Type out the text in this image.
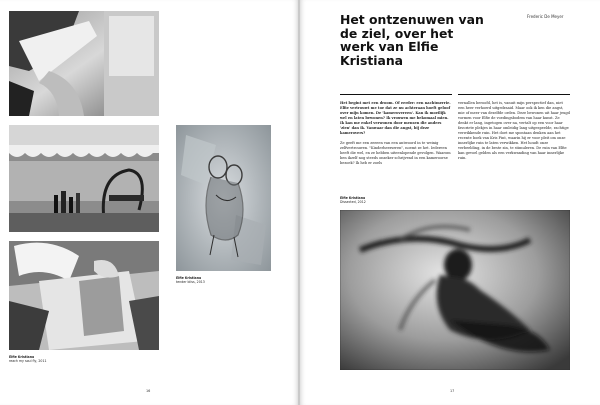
Elfie Kristiana
tender bliss, 2013
Elfie Kristiana
reach my soul fly, 2011
16
Frederic De Meyer
Het ontzenuwen van de ziel, over het werk van Elfie Kristiana

Het begint met een droom. Of eerder: een nachtmerrie. Elfie vertrouwt me toe dat ze nu achteraan hoeft geloof over mijn komen. De 'kamerovereen'. Kan ik moeilijk wel en laten bewonen? Ik vrouwen me bekomaal mien. Ik kan me enkel verwonen door mensen die anders 'zien' dan ik. Vanwaar dan die angst, bij deze kamerovers?

Ze geeft me een zeeeen van een antwoord in te weinig zelfvertrouwen. "Kinderheerseren", noemt ze het. Iedereen heeft die wel, en ze hebben uiteenlopende gevolgen. Waarom ben ikzelf nog steeds onzeker schrijvend in een kameroorse bezoek? Ik heb er zoels

vernallen beroofd, het is, vanuit mijn perspectief dan, niet een heer verhoerd uitgedraaid. Maar ook ik ken die angst, mie of meer van dezelfde orden. Deze bewonen uit haar jeugd vormen voor Elfie de voedingsbodem van haar kunst. Ze denkt er lang, ingetogen over na, vertalt op een voor haar favoriete plekjes in haar omleidig lang uitgespeelde, rachtige verwikkende ruin. Het doet me spontaan denken aan het recente boek van Kris Pint, waarin hij er voor pleit om onze innerlijke ruin te laten verwikken. Het houdt onze verbeelding, in de beste zin, te stimuleren. De ruin van Elfie kan gevoel gelden als een verkwanding van haar innerlijke ruin.

Elfie Kristiana
Dissected, 2012
17
